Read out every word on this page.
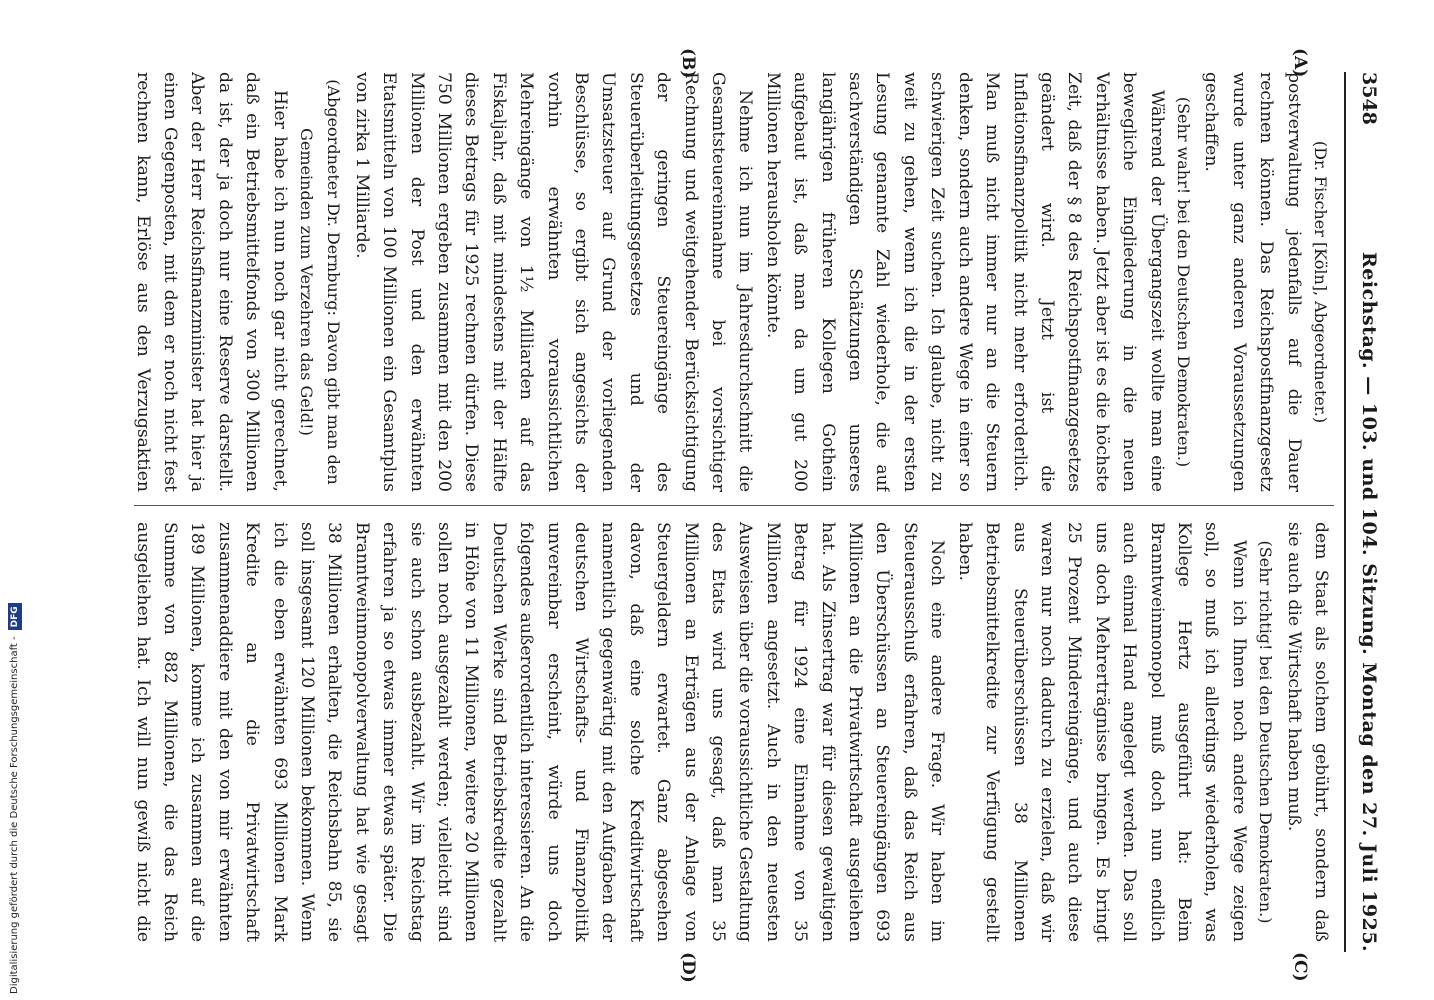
3548
Reichstag. — 103. und 104. Sitzung. Montag den 27. Juli 1925.
(A)
(B)
(C)
(D)

(Dr. Fischer [Köln], Abgeordneter.)

postverwaltung jedenfalls auf die Dauer rechnen können. Das Reichspostfinanzgesetz wurde unter ganz anderen Voraussetzungen geschaffen.

(Sehr wahr! bei den Deutschen Demokraten.)

Während der Übergangszeit wollte man eine bewegliche Eingliederung in die neuen Verhältnisse haben. Jetzt aber ist es die höchste Zeit, daß der § 8 des Reichspostfinanzgesetzes geändert wird. Jetzt ist die Inflationsfinanzpolitik nicht mehr erforderlich. Man muß nicht immer nur an die Steuern denken, sondern auch andere Wege in einer so schwierigen Zeit suchen. Ich glaube, nicht zu weit zu gehen, wenn ich die in der ersten Lesung genannte Zahl wiederhole, die auf sachverständigen Schätzungen unseres langjährigen früheren Kollegen Gothein aufgebaut ist, daß man da um gut 200 Millionen herausholen könnte.

Nehme ich nun im Jahresdurchschnitt die Gesamtsteuereinnahme bei vorsichtiger Rechnung und weitgehender Berücksichtigung der geringen Steuereingänge des Steuerüberleitungsgesetzes und der Umsatzsteuer auf Grund der vorliegenden Beschlüsse, so ergibt sich angesichts der vorhin erwähnten voraussichtlichen Mehreingänge von 1½ Milliarden auf das Fiskaljahr, daß mit mindestens mit der Hälfte dieses Betrags für 1925 rechnen dürfen. Diese 750 Millionen ergeben zusammen mit den 200 Millionen der Post und den erwähnten Etatsmitteln von 100 Millionen ein Gesamtplus von zirka 1 Milliarde.

(Abgeordneter Dr. Dernburg: Davon gibt man den Gemeinden zum Verzehren das Geld!)

Hier habe ich nun noch gar nicht gerechnet, daß ein Betriebsmittelfonds von 300 Millionen da ist, der ja doch nur eine Reserve darstellt. Aber der Herr Reichsfinanzminister hat hier ja einen Gegenposten, mit dem er noch nicht fest rechnen kann, Erlöse aus den Verzugsaktien

dem Staat als solchem gebührt, sondern daß sie auch die Wirtschaft haben muß.

(Sehr richtig! bei den Deutschen Demokraten.)

Wenn ich Ihnen noch andere Wege zeigen soll, so muß ich allerdings wiederholen, was Kollege Hertz ausgeführt hat: Beim Branntweinmonopol muß doch nun endlich auch einmal Hand angelegt werden. Das soll uns doch Mehrerträgnisse bringen. Es bringt 25 Prozent Mindereingänge, und auch diese waren nur noch dadurch zu erzielen, daß wir aus Steuerüberschüssen 38 Millionen Betriebsmittelkredite zur Verfügung gestellt haben.

Noch eine andere Frage. Wir haben im Steuerausschuß erfahren, daß das Reich aus den Überschüssen an Steuereingängen 693 Millionen an die Privatwirtschaft ausgeliehen hat. Als Zinsertrag war für diesen gewaltigen Betrag für 1924 eine Einnahme von 35 Millionen angesetzt. Auch in den neuesten Ausweisen über die voraussichtliche Gestaltung des Etats wird uns gesagt, daß man 35 Millionen an Erträgen aus der Anlage von Steuergeldern erwartet. Ganz abgesehen davon, daß eine solche Kreditwirtschaft namentlich gegenwärtig mit den Aufgaben der deutschen Wirtschafts- und Finanzpolitik unvereinbar erscheint, würde uns doch folgendes außerordentlich interessieren. An die Deutschen Werke sind Betriebskredite gezahlt in Höhe von 11 Millionen, weitere 20 Millionen sollen noch ausgezahlt werden; vielleicht sind sie auch schon ausbezahlt. Wir im Reichstag erfahren ja so etwas immer etwas später. Die Branntweinmonopolverwaltung hat wie gesagt 38 Millionen erhalten, die Reichsbahn 85, sie soll insgesamt 120 Millionen bekommen. Wenn ich die eben erwähnten 693 Millionen Mark Kredite an die Privatwirtschaft zusammenaddiere mit den von mir erwähnten 189 Millionen, komme ich zusammen auf die Summe von 882 Millionen, die das Reich ausgeliehen hat. Ich will nun gewiß nicht die

Digitalisierung gefördert durch die Deutsche Forschungsgemeinschaft -
DFG
